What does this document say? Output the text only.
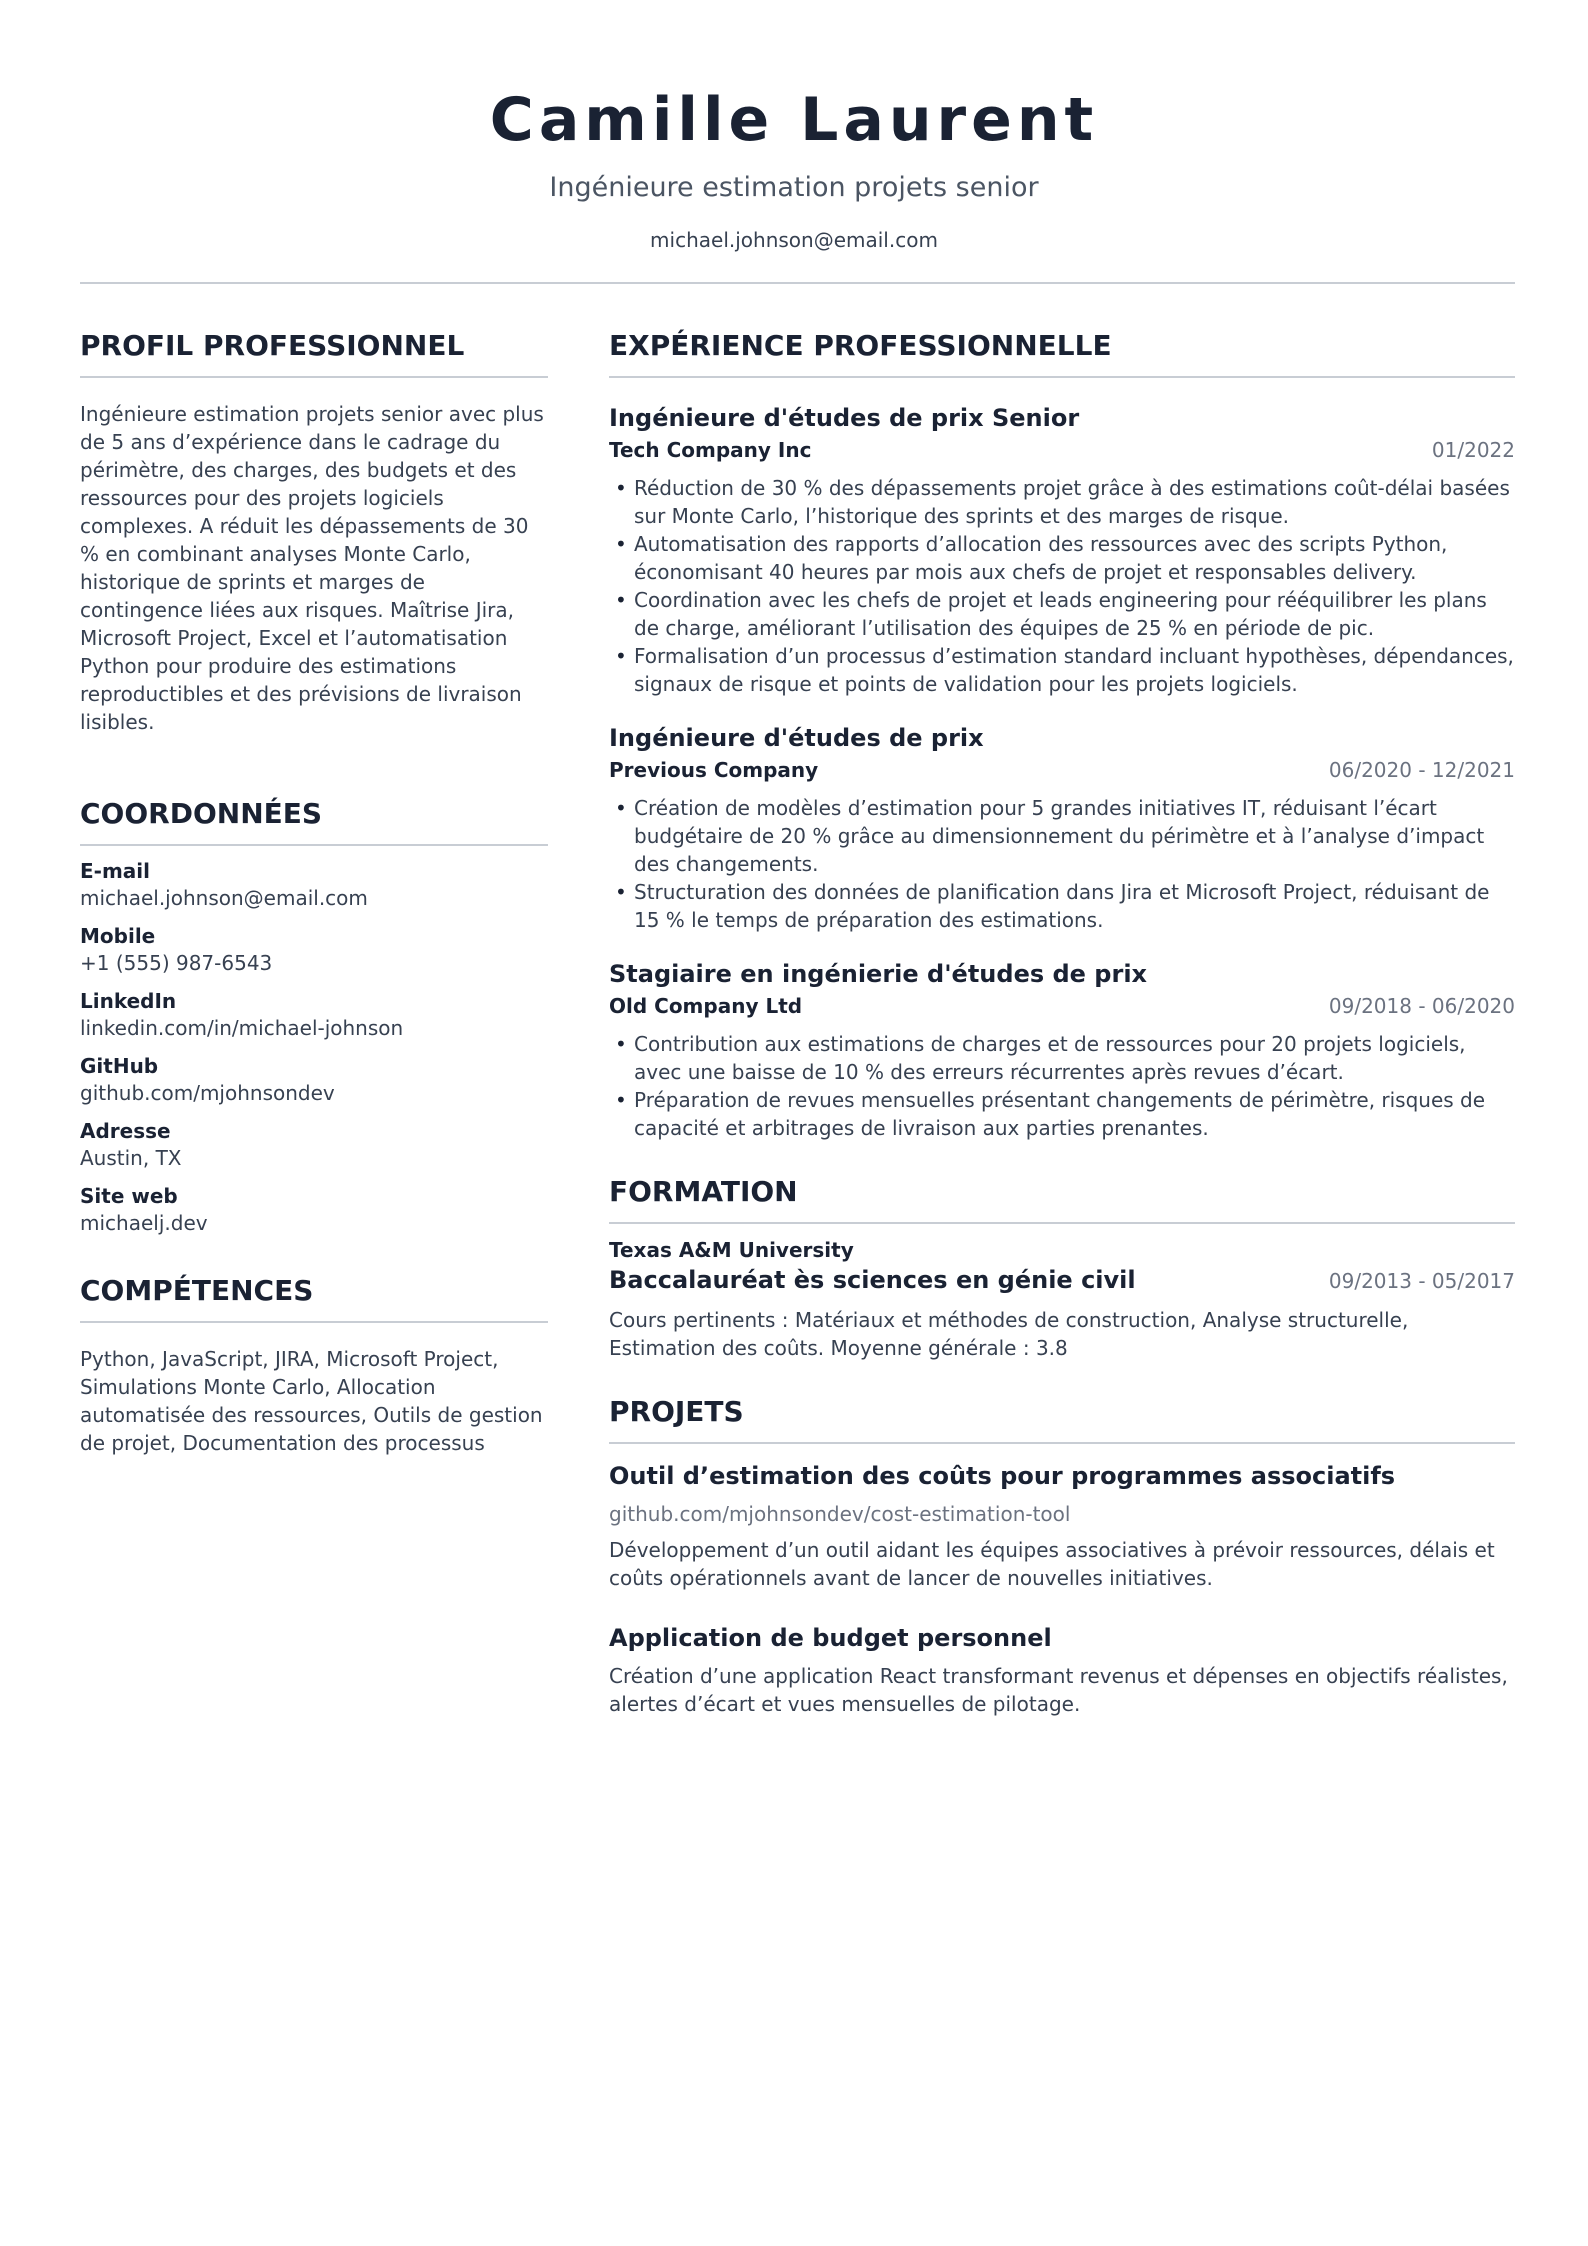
Camille Laurent
Ingénieure estimation projets senior
michael.johnson@email.com
PROFIL PROFESSIONNEL
Ingénieure estimation projets senior avec plus de 5 ans d’expérience dans le cadrage du périmètre, des charges, des budgets et des ressources pour des projets logiciels complexes. A réduit les dépassements de 30 % en combinant analyses Monte Carlo, historique de sprints et marges de contingence liées aux risques. Maîtrise Jira, Microsoft Project, Excel et l’automatisation Python pour produire des estimations reproductibles et des prévisions de livraison lisibles.
COORDONNÉES
E-mail
michael.johnson@email.com
Mobile
+1 (555) 987-6543
LinkedIn
linkedin.com/in/michael-johnson
GitHub
github.com/mjohnsondev
Adresse
Austin, TX
Site web
michaelj.dev
COMPÉTENCES
Python, JavaScript, JIRA, Microsoft Project, Simulations Monte Carlo, Allocation automatisée des ressources, Outils de gestion de projet, Documentation des processus
EXPÉRIENCE PROFESSIONNELLE
Ingénieure d'études de prix Senior
Tech Company Inc	01/2022
• Réduction de 30 % des dépassements projet grâce à des estimations coût-délai basées sur Monte Carlo, l’historique des sprints et des marges de risque.
• Automatisation des rapports d’allocation des ressources avec des scripts Python, économisant 40 heures par mois aux chefs de projet et responsables delivery.
• Coordination avec les chefs de projet et leads engineering pour rééquilibrer les plans de charge, améliorant l’utilisation des équipes de 25 % en période de pic.
• Formalisation d’un processus d’estimation standard incluant hypothèses, dépendances, signaux de risque et points de validation pour les projets logiciels.
Ingénieure d'études de prix
Previous Company	06/2020 - 12/2021
• Création de modèles d’estimation pour 5 grandes initiatives IT, réduisant l’écart budgétaire de 20 % grâce au dimensionnement du périmètre et à l’analyse d’impact des changements.
• Structuration des données de planification dans Jira et Microsoft Project, réduisant de 15 % le temps de préparation des estimations.
Stagiaire en ingénierie d'études de prix
Old Company Ltd	09/2018 - 06/2020
• Contribution aux estimations de charges et de ressources pour 20 projets logiciels, avec une baisse de 10 % des erreurs récurrentes après revues d’écart.
• Préparation de revues mensuelles présentant changements de périmètre, risques de capacité et arbitrages de livraison aux parties prenantes.
FORMATION
Texas A&M University
Baccalauréat ès sciences en génie civil	09/2013 - 05/2017
Cours pertinents : Matériaux et méthodes de construction, Analyse structurelle, Estimation des coûts. Moyenne générale : 3.8
PROJETS
Outil d’estimation des coûts pour programmes associatifs
github.com/mjohnsondev/cost-estimation-tool
Développement d’un outil aidant les équipes associatives à prévoir ressources, délais et coûts opérationnels avant de lancer de nouvelles initiatives.
Application de budget personnel
Création d’une application React transformant revenus et dépenses en objectifs réalistes, alertes d’écart et vues mensuelles de pilotage.
